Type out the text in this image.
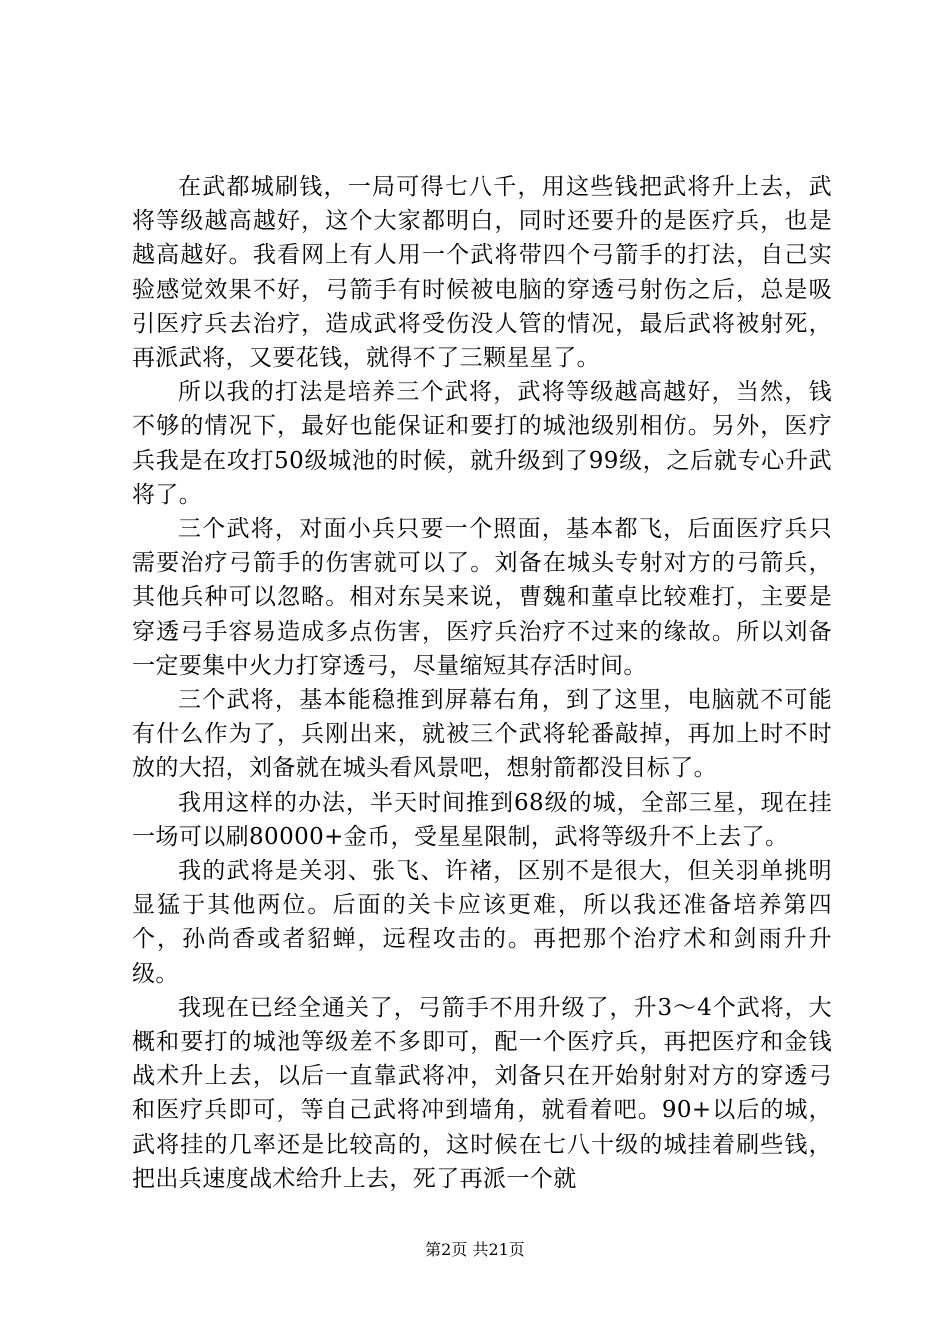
在武都城刷钱，一局可得七八千，用这些钱把武将升上去，武将等级越高越好，这个大家都明白，同时还要升的是医疗兵，也是越高越好。我看网上有人用一个武将带四个弓箭手的打法，自己实验感觉效果不好，弓箭手有时候被电脑的穿透弓射伤之后，总是吸引医疗兵去治疗，造成武将受伤没人管的情况，最后武将被射死，再派武将，又要花钱，就得不了三颗星星了。

所以我的打法是培养三个武将，武将等级越高越好，当然，钱不够的情况下，最好也能保证和要打的城池级别相仿。另外，医疗兵我是在攻打50级城池的时候，就升级到了99级，之后就专心升武将了。

三个武将，对面小兵只要一个照面，基本都飞，后面医疗兵只需要治疗弓箭手的伤害就可以了。刘备在城头专射对方的弓箭兵，其他兵种可以忽略。相对东吴来说，曹魏和董卓比较难打，主要是穿透弓手容易造成多点伤害，医疗兵治疗不过来的缘故。所以刘备一定要集中火力打穿透弓，尽量缩短其存活时间。

三个武将，基本能稳推到屏幕右角，到了这里，电脑就不可能有什么作为了，兵刚出来，就被三个武将轮番敲掉，再加上时不时放的大招，刘备就在城头看风景吧，想射箭都没目标了。

我用这样的办法，半天时间推到68级的城，全部三星，现在挂一场可以刷80000+金币，受星星限制，武将等级升不上去了。

我的武将是关羽、张飞、许褚，区别不是很大，但关羽单挑明显猛于其他两位。后面的关卡应该更难，所以我还准备培养第四个，孙尚香或者貂蝉，远程攻击的。再把那个治疗术和剑雨升升级。

我现在已经全通关了，弓箭手不用升级了，升3～4个武将，大概和要打的城池等级差不多即可，配一个医疗兵，再把医疗和金钱战术升上去，以后一直靠武将冲，刘备只在开始射射对方的穿透弓和医疗兵即可，等自己武将冲到墙角，就看着吧。90+以后的城，武将挂的几率还是比较高的，这时候在七八十级的城挂着刷些钱，把出兵速度战术给升上去，死了再派一个就

第2页 共21页
